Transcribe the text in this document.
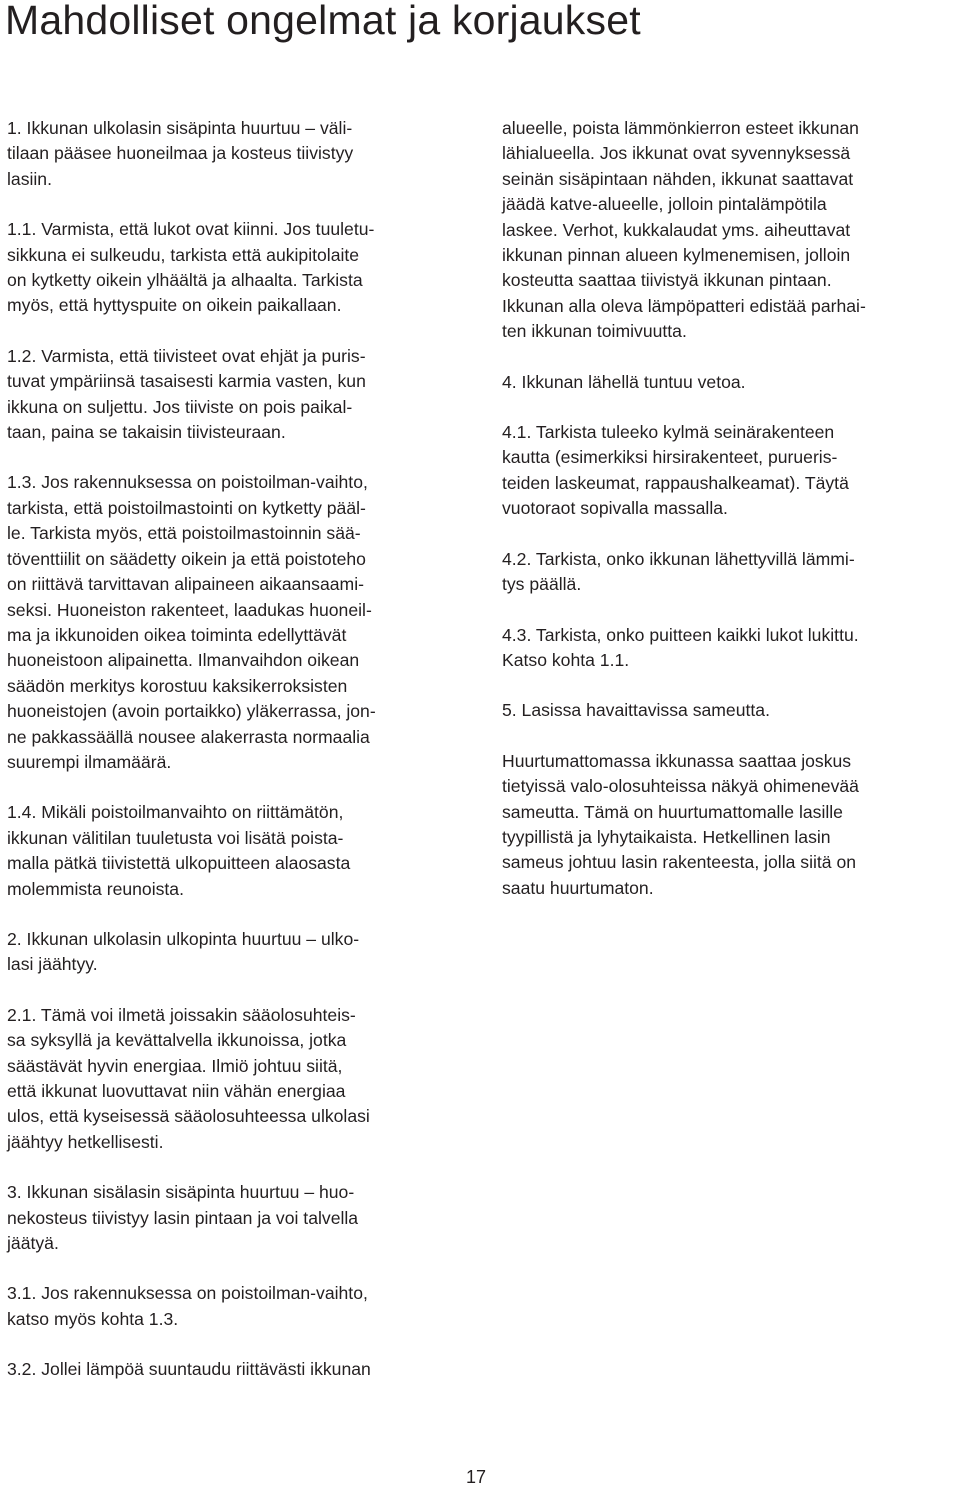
Mahdolliset ongelmat ja korjaukset

1. Ikkunan ulkolasin sisäpinta huurtuu – väli-
tilaan pääsee huoneilmaa ja kosteus tiivistyy
lasiin.

1.1. Varmista, että lukot ovat kiinni. Jos tuuletu-
sikkuna ei sulkeudu, tarkista että aukipitolaite
on kytketty oikein ylhäältä ja alhaalta. Tarkista
myös, että hyttyspuite on oikein paikallaan.

1.2. Varmista, että tiivisteet ovat ehjät ja puris-
tuvat ympäriinsä tasaisesti karmia vasten, kun
ikkuna on suljettu. Jos tiiviste on pois paikal-
taan, paina se takaisin tiivisteuraan.

1.3. Jos rakennuksessa on poistoilman-vaihto,
tarkista, että poistoilmastointi on kytketty pääl-
le. Tarkista myös, että poistoilmastoinnin sää-
töventtiilit on säädetty oikein ja että poistoteho
on riittävä tarvittavan alipaineen aikaansaami-
seksi. Huoneiston rakenteet, laadukas huoneil-
ma ja ikkunoiden oikea toiminta edellyttävät
huoneistoon alipainetta. Ilmanvaihdon oikean
säädön merkitys korostuu kaksikerroksisten
huoneistojen (avoin portaikko) yläkerrassa, jon-
ne pakkassäällä nousee alakerrasta normaalia
suurempi ilmamäärä.

1.4. Mikäli poistoilmanvaihto on riittämätön,
ikkunan välitilan tuuletusta voi lisätä poista-
malla pätkä tiivistettä ulkopuitteen alaosasta
molemmista reunoista.

2. Ikkunan ulkolasin ulkopinta huurtuu – ulko-
lasi jäähtyy.

2.1. Tämä voi ilmetä joissakin sääolosuhteis-
sa syksyllä ja kevättalvella ikkunoissa, jotka
säästävät hyvin energiaa. Ilmiö johtuu siitä,
että ikkunat luovuttavat niin vähän energiaa
ulos, että kyseisessä sääolosuhteessa ulkolasi
jäähtyy hetkellisesti.

3. Ikkunan sisälasin sisäpinta huurtuu – huo-
nekosteus tiivistyy lasin pintaan ja voi talvella
jäätyä.

3.1. Jos rakennuksessa on poistoilman-vaihto,
katso myös kohta 1.3.

3.2. Jollei lämpöä suuntaudu riittävästi ikkunan

alueelle, poista lämmönkierron esteet ikkunan
lähialueella. Jos ikkunat ovat syvennyksessä
seinän sisäpintaan nähden, ikkunat saattavat
jäädä katve-alueelle, jolloin pintalämpötila
laskee. Verhot, kukkalaudat yms. aiheuttavat
ikkunan pinnan alueen kylmenemisen, jolloin
kosteutta saattaa tiivistyä ikkunan pintaan.
Ikkunan alla oleva lämpöpatteri edistää parhai-
ten ikkunan toimivuutta.

4. Ikkunan lähellä tuntuu vetoa.

4.1. Tarkista tuleeko kylmä seinärakenteen
kautta (esimerkiksi hirsirakenteet, purueris-
teiden laskeumat, rappaushalkeamat). Täytä
vuotoraot sopivalla massalla.

4.2. Tarkista, onko ikkunan lähettyvillä lämmi-
tys päällä.

4.3. Tarkista, onko puitteen kaikki lukot lukittu.
Katso kohta 1.1.

5. Lasissa havaittavissa sameutta.

Huurtumattomassa ikkunassa saattaa joskus
tietyissä valo-olosuhteissa näkyä ohimenevää
sameutta. Tämä on huurtumattomalle lasille
tyypillistä ja lyhytaikaista. Hetkellinen lasin
sameus johtuu lasin rakenteesta, jolla siitä on
saatu huurtumaton.

17
